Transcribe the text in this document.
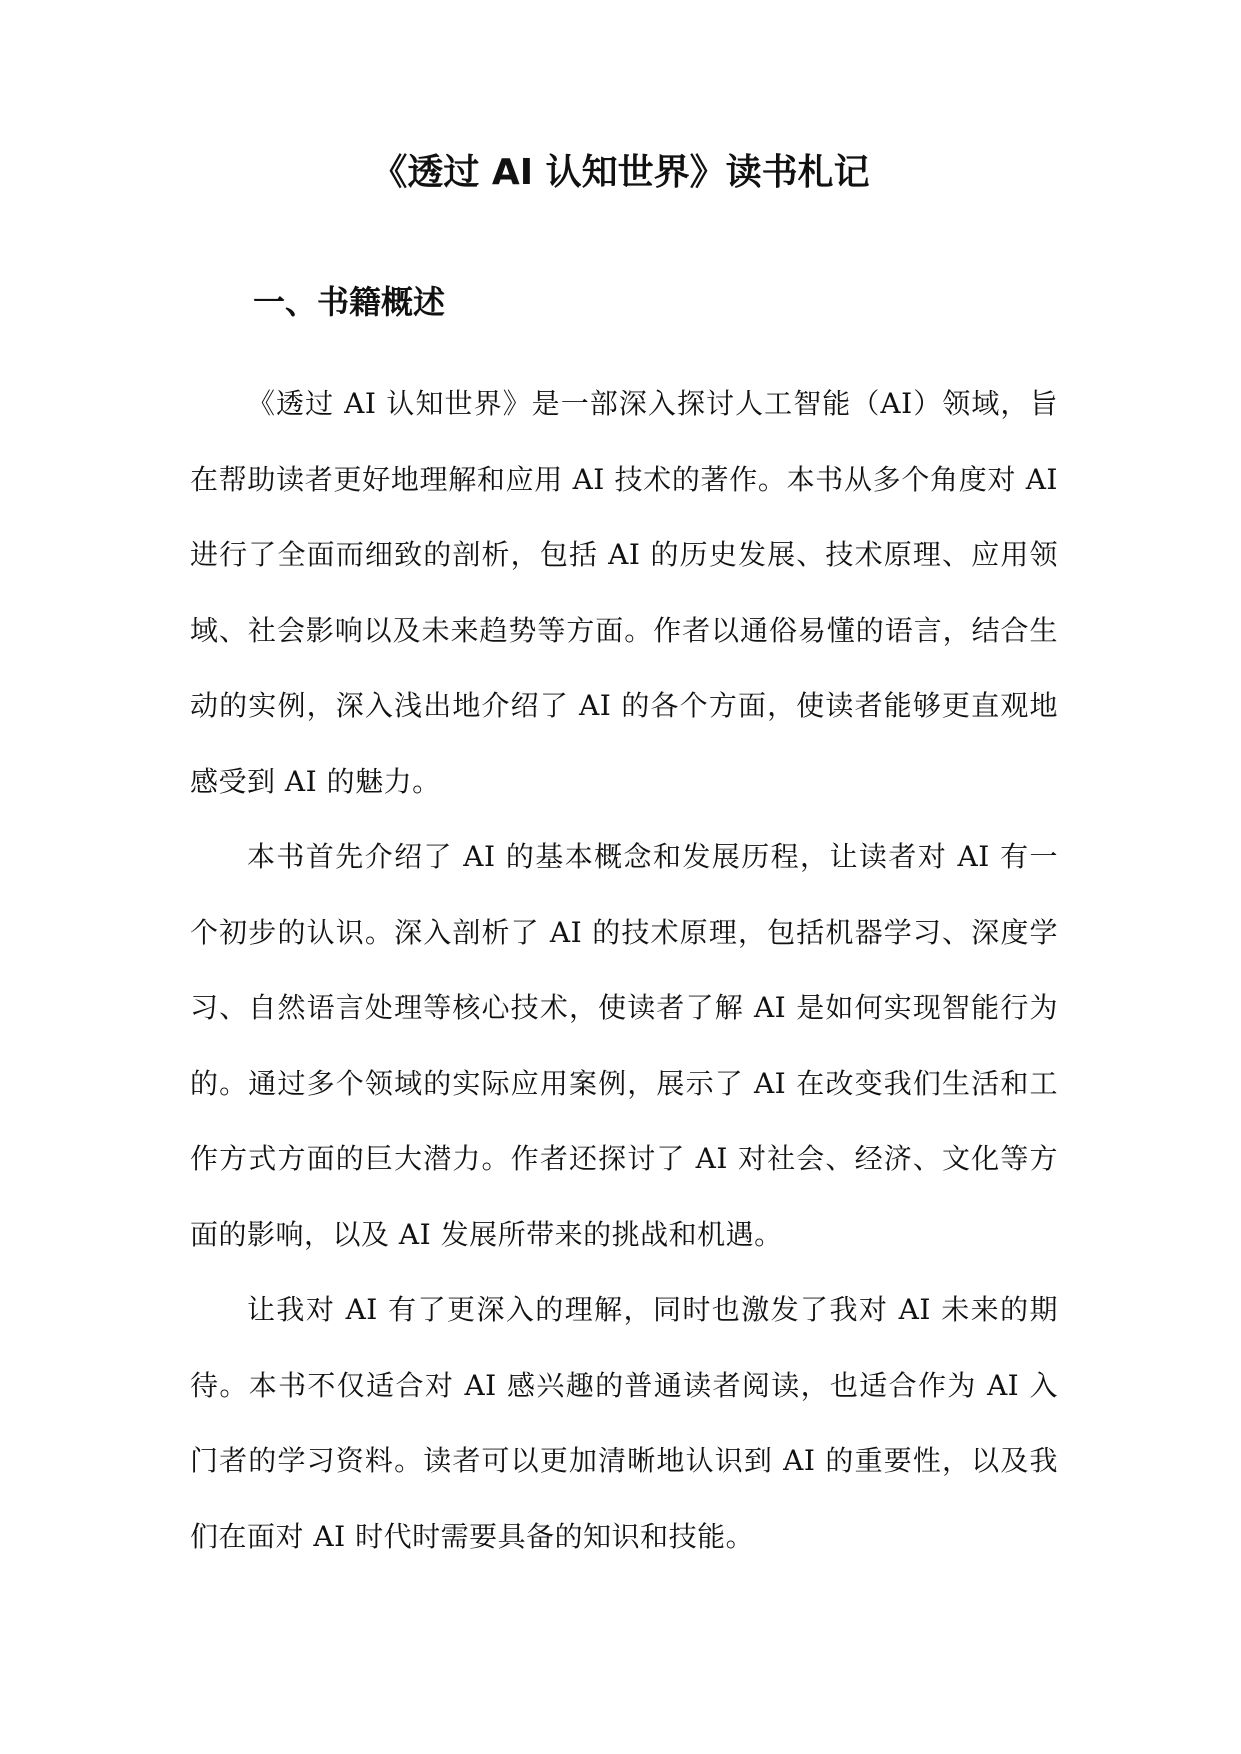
《透过 AI 认知世界》读书札记
一、书籍概述

《透过 AI 认知世界》是一部深入探讨人工智能（AI）领域，旨在帮助读者更好地理解和应用 AI 技术的著作。本书从多个角度对 AI 进行了全面而细致的剖析，包括 AI 的历史发展、技术原理、应用领域、社会影响以及未来趋势等方面。作者以通俗易懂的语言，结合生动的实例，深入浅出地介绍了 AI 的各个方面，使读者能够更直观地感受到 AI 的魅力。

本书首先介绍了 AI 的基本概念和发展历程，让读者对 AI 有一个初步的认识。深入剖析了 AI 的技术原理，包括机器学习、深度学习、自然语言处理等核心技术，使读者了解 AI 是如何实现智能行为的。通过多个领域的实际应用案例，展示了 AI 在改变我们生活和工作方式方面的巨大潜力。作者还探讨了 AI 对社会、经济、文化等方面的影响，以及 AI 发展所带来的挑战和机遇。

让我对 AI 有了更深入的理解，同时也激发了我对 AI 未来的期待。本书不仅适合对 AI 感兴趣的普通读者阅读，也适合作为 AI 入门者的学习资料。读者可以更加清晰地认识到 AI 的重要性，以及我们在面对 AI 时代时需要具备的知识和技能。
